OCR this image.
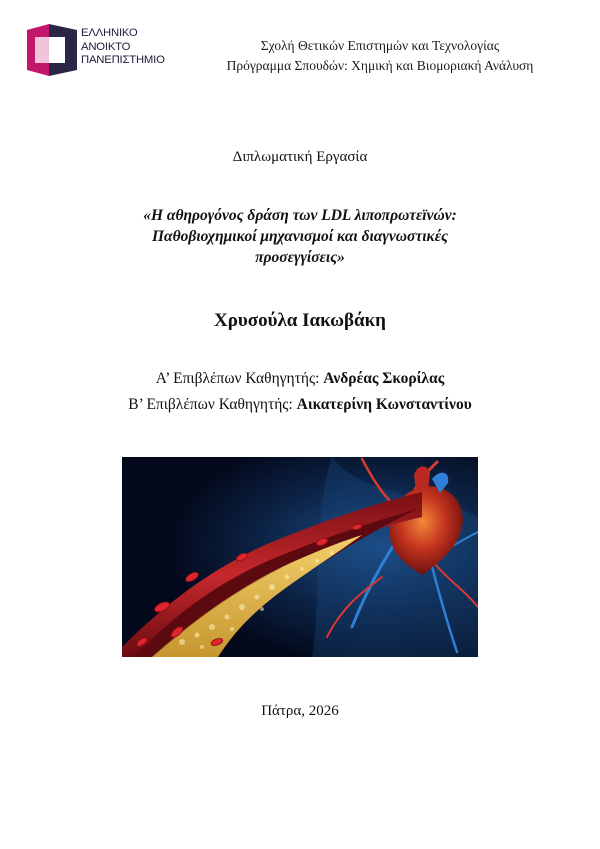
ΕΛΛΗΝΙΚΟ
ΑΝΟΙΚΤΟ
ΠΑΝΕΠΙΣΤΗΜΙΟ
Σχολή Θετικών Επιστημών και Τεχνολογίας
Πρόγραμμα Σπουδών: Χημική και Βιομοριακή Ανάλυση
Διπλωματική Εργασία
«Η αθηρογόνος δράση των LDL λιποπρωτεϊνών:
Παθοβιοχημικοί μηχανισμοί και διαγνωστικές
προσεγγίσεις»
Χρυσούλα Ιακωβάκη
Α’ Επιβλέπων Καθηγητής: Ανδρέας Σκορίλας
Β’ Επιβλέπων Καθηγητής: Αικατερίνη Κωνσταντίνου
Πάτρα, 2026
